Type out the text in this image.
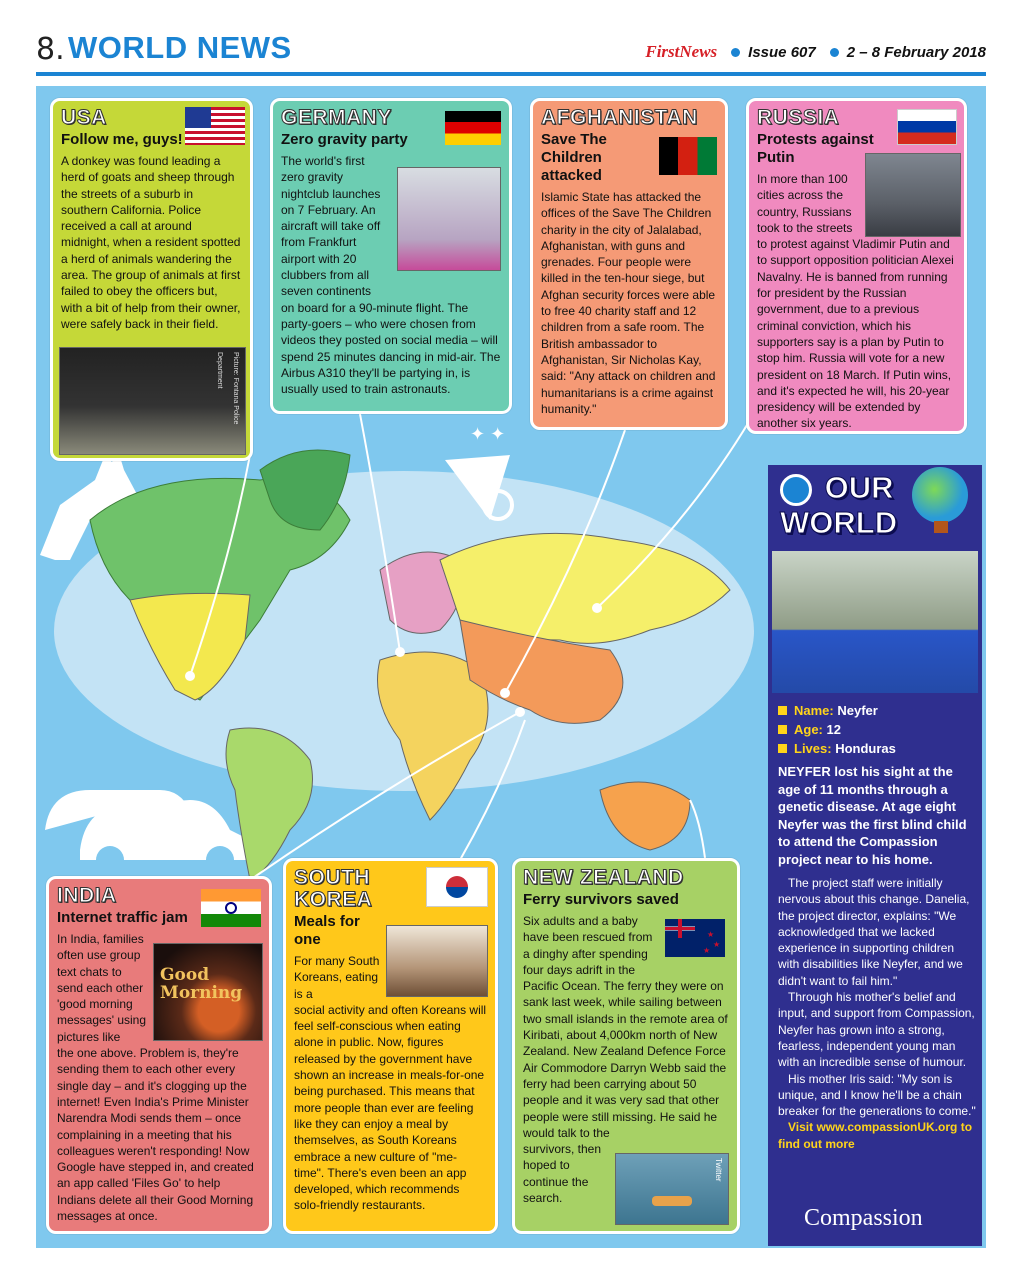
8. WORLD NEWS	FirstNews Issue 607 2 – 8 February 2018
✦ ✦
USA
Follow me, guys!

A donkey was found leading a herd of goats and sheep through the streets of a suburb in southern California. Police received a call at around midnight, when a resident spotted a herd of animals wandering the area. The group of animals at first failed to obey the officers but, with a bit of help from their owner, were safely back in their field.

Picture: Fontana Police Department
GERMANY
Zero gravity party

The world's first zero gravity nightclub launches on 7 February. An aircraft will take off from Frankfurt airport with 20 clubbers from all seven continents

on board for a 90-minute flight. The party-goers – who were chosen from videos they posted on social media – will spend 25 minutes dancing in mid-air. The Airbus A310 they'll be partying in, is usually used to train astronauts.

AFGHANISTAN
Save The Children attacked

Islamic State has attacked the offices of the Save The Children charity in the city of Jalalabad, Afghanistan, with guns and grenades. Four people were killed in the ten-hour siege, but Afghan security forces were able to free 40 charity staff and 12 children from a safe room. The British ambassador to Afghanistan, Sir Nicholas Kay, said: "Any attack on children and humanitarians is a crime against humanity."

RUSSIA
Protests against Putin

In more than 100 cities across the country, Russians took to the streets

to protest against Vladimir Putin and to support opposition politician Alexei Navalny. He is banned from running for president by the Russian government, due to a previous criminal conviction, which his supporters say is a plan by Putin to stop him. Russia will vote for a new president on 18 March. If Putin wins, and it's expected he will, his 20-year presidency will be extended by another six years.

INDIA
Internet traffic jam
Good Morning

In India, families often use group text chats to send each other 'good morning messages' using pictures like

the one above. Problem is, they're sending them to each other every single day – and it's clogging up the internet! Even India's Prime Minister Narendra Modi sends them – once complaining in a meeting that his colleagues weren't responding! Now Google have stepped in, and created an app called 'Files Go' to help Indians delete all their Good Morning messages at once.

SOUTH KOREA
Meals for one

For many South Koreans, eating is a

social activity and often Koreans will feel self-conscious when eating alone in public. Now, figures released by the government have shown an increase in meals-for-one being purchased. This means that more people than ever are feeling like they can enjoy a meal by themselves, as South Koreans embrace a new culture of "me-time". There's even been an app developed, which recommends solo-friendly restaurants.

NEW ZEALAND
Ferry survivors saved
★
★
★

Six adults and a baby have been rescued from a dinghy after spending four days adrift in the

Pacific Ocean. The ferry they were on sank last week, while sailing between two small islands in the remote area of Kiribati, about 4,000km north of New Zealand. New Zealand Defence Force Air Commodore Darryn Webb said the ferry had been carrying about 50 people and it was very sad that other people were still missing. He said he

would talk to the survivors, then hoped to continue the search.

Twitter
OUR
WORLD
Name: Neyfer
Age: 12
Lives: Honduras
NEYFER lost his sight at the age of 11 months through a genetic disease. At age eight Neyfer was the first blind child to attend the Compassion project near to his home.

The project staff were initially nervous about this change. Danelia, the project director, explains: "We acknowledged that we lacked experience in supporting children with disabilities like Neyfer, and we didn't want to fail him."

Through his mother's belief and input, and support from Compassion, Neyfer has grown into a strong, fearless, independent young man with an incredible sense of humour.

His mother Iris said: "My son is unique, and I know he'll be a chain breaker for the generations to come."

Visit www.compassionUK.org to find out more

Compassion
